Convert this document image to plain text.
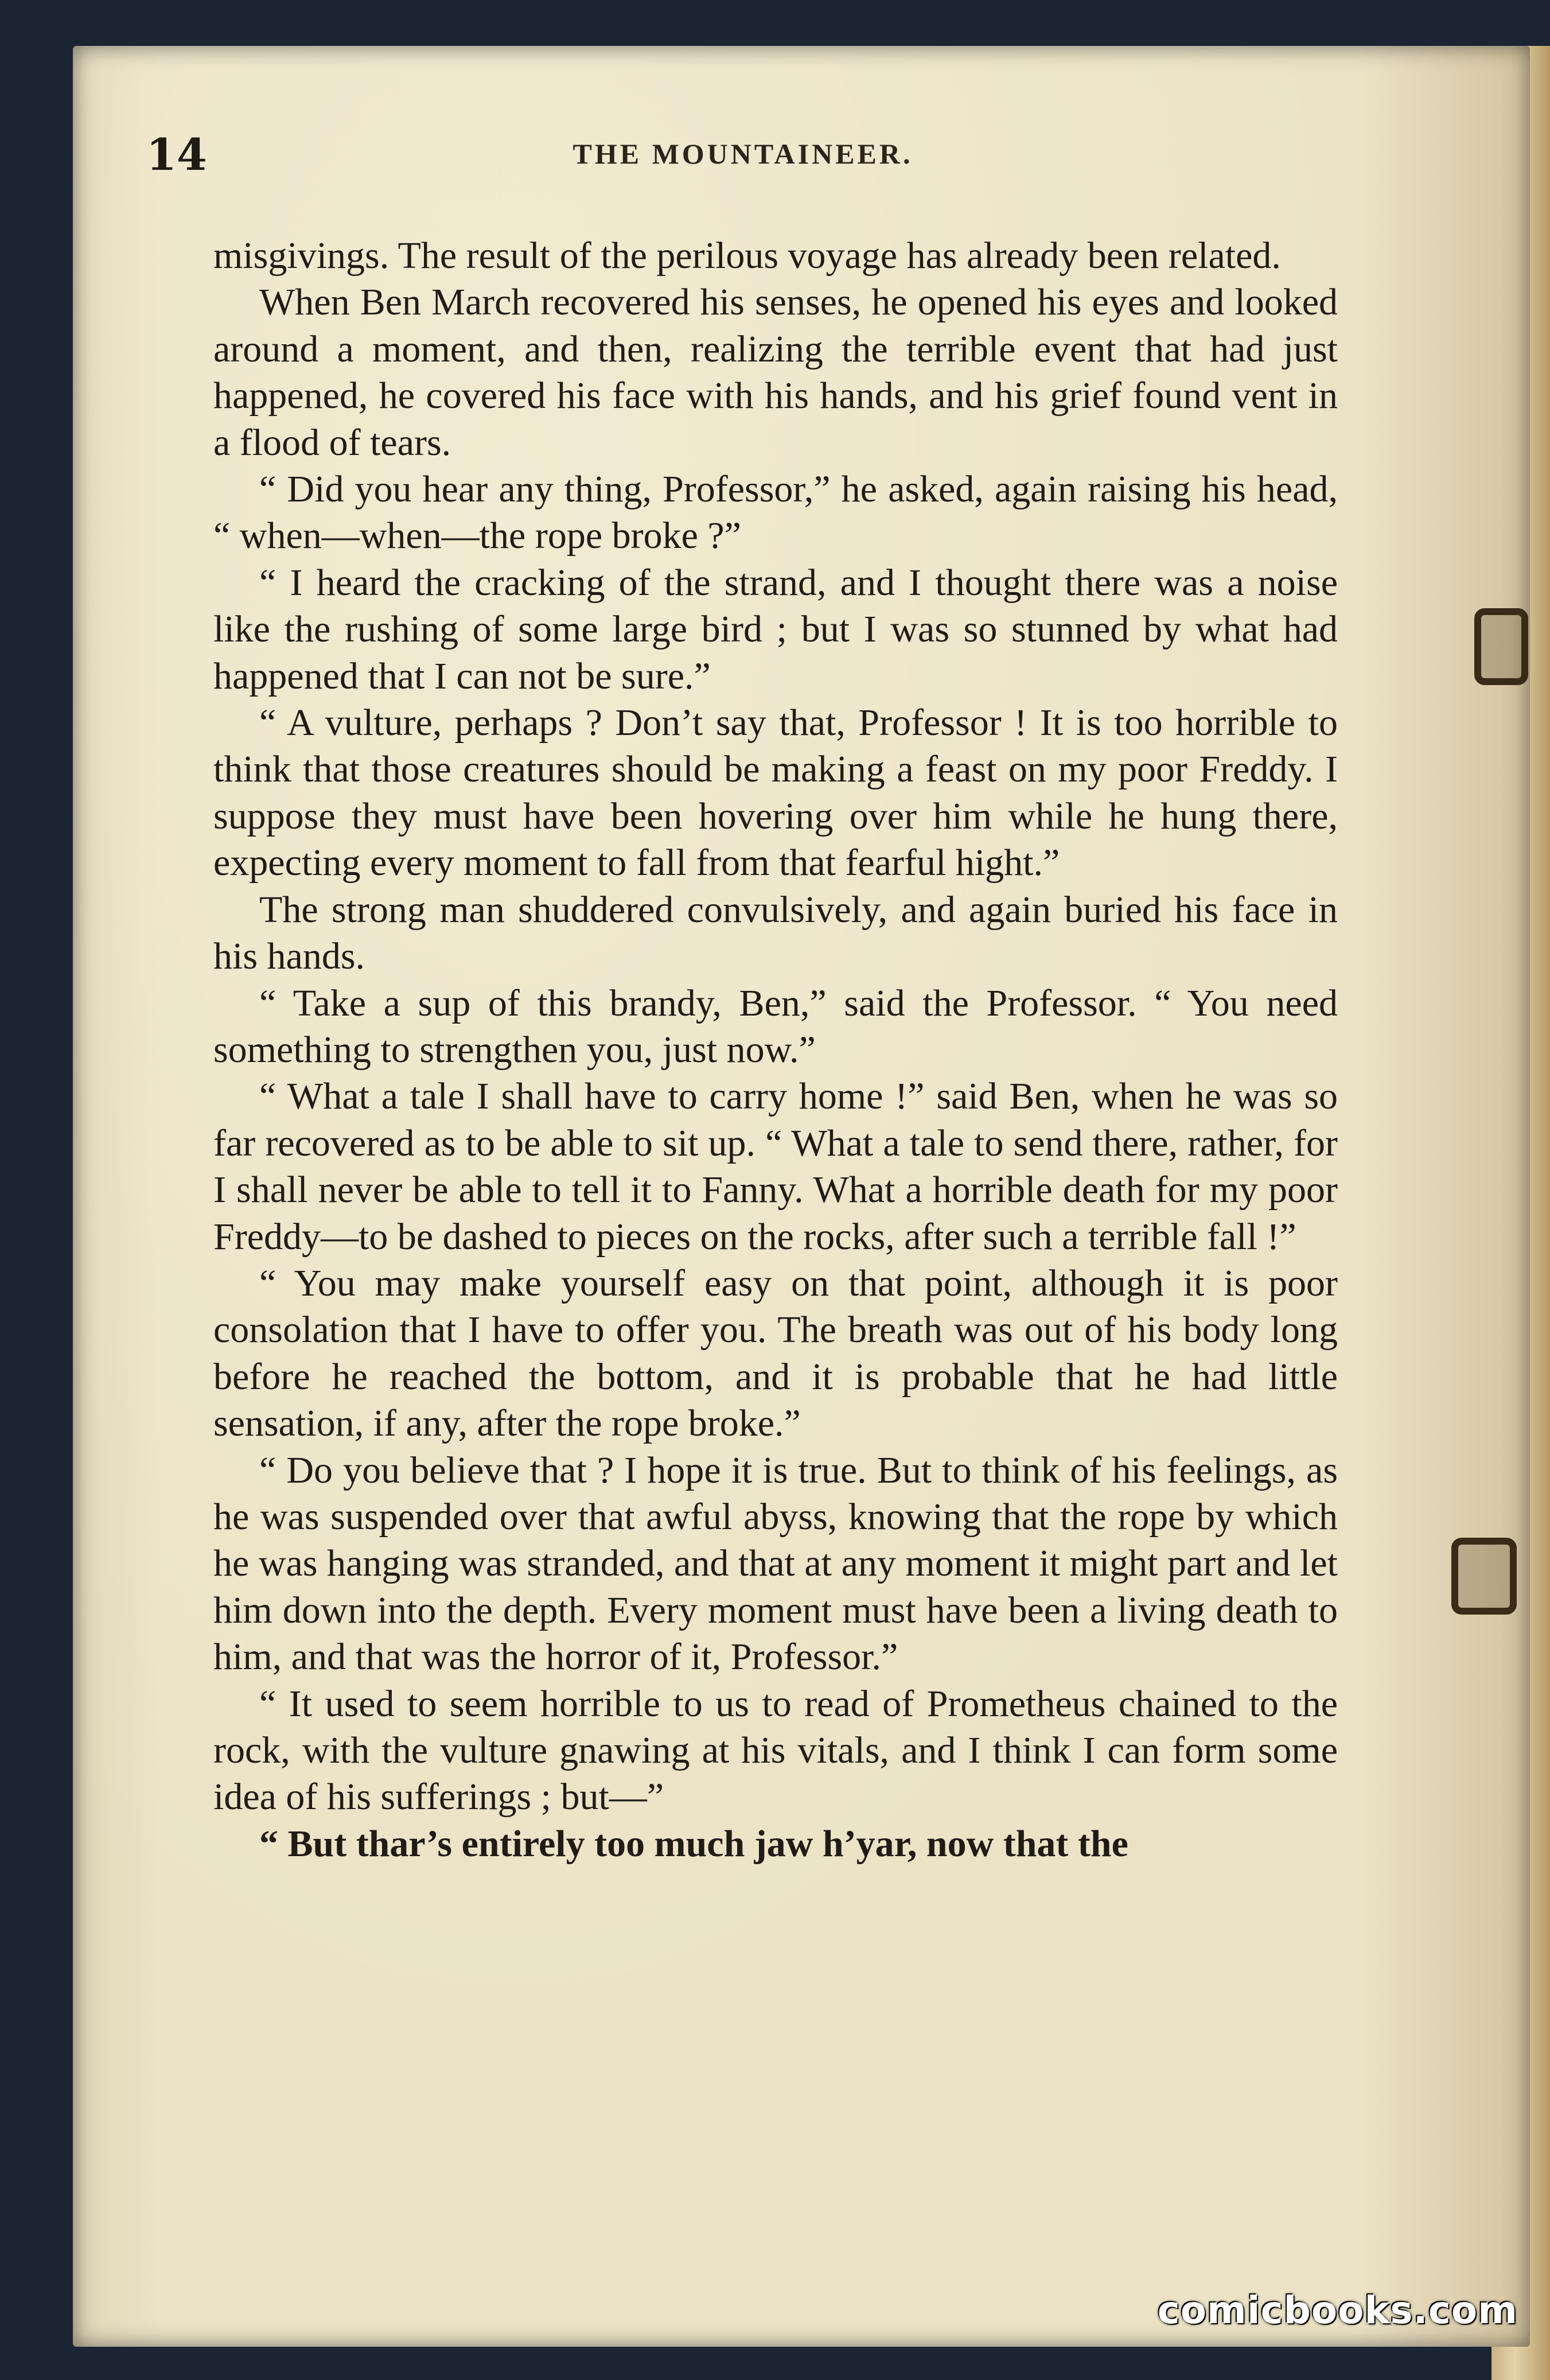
14	THE MOUNTAINEER.

misgivings. The result of the perilous voyage has already been related.

When Ben March recovered his senses, he opened his eyes and looked around a moment, and then, realizing the terrible event that had just happened, he covered his face with his hands, and his grief found vent in a flood of tears.

“ Did you hear any thing, Professor,” he asked, again raising his head, “ when—when—the rope broke ?”

“ I heard the cracking of the strand, and I thought there was a noise like the rushing of some large bird ; but I was so stunned by what had happened that I can not be sure.”

“ A vulture, perhaps ? Don’t say that, Professor ! It is too horrible to think that those creatures should be making a feast on my poor Freddy. I suppose they must have been hovering over him while he hung there, expecting every moment to fall from that fearful hight.”

The strong man shuddered convulsively, and again buried his face in his hands.

“ Take a sup of this brandy, Ben,” said the Professor. “ You need something to strengthen you, just now.”

“ What a tale I shall have to carry home !” said Ben, when he was so far recovered as to be able to sit up. “ What a tale to send there, rather, for I shall never be able to tell it to Fanny. What a horrible death for my poor Freddy—to be dashed to pieces on the rocks, after such a terrible fall !”

“ You may make yourself easy on that point, although it is poor consolation that I have to offer you. The breath was out of his body long before he reached the bottom, and it is probable that he had little sensation, if any, after the rope broke.”

“ Do you believe that ? I hope it is true. But to think of his feelings, as he was suspended over that awful abyss, knowing that the rope by which he was hanging was stranded, and that at any moment it might part and let him down into the depth. Every moment must have been a living death to him, and that was the horror of it, Professor.”

“ It used to seem horrible to us to read of Prometheus chained to the rock, with the vulture gnawing at his vitals, and I think I can form some idea of his sufferings ; but—”

“ But thar’s entirely too much jaw h’yar, now that the

comicbooks.com
